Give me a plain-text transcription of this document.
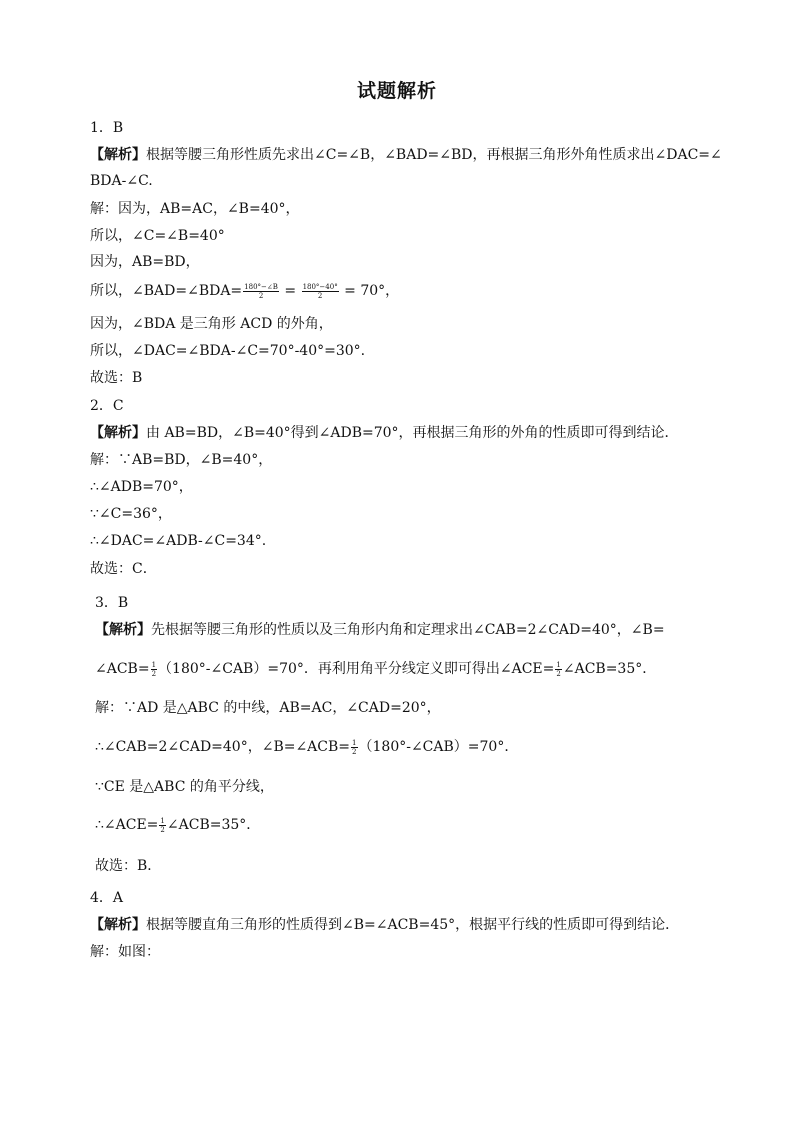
试题解析
1．B
【解析】根据等腰三角形性质先求出∠C=∠B，∠BAD=∠BD，再根据三角形外角性质求出∠DAC=∠
BDA-∠C.
解：因为，AB=AC，∠B=40°，
所以，∠C=∠B=40°
因为，AB=BD，
所以，∠BAD=∠BDA= $\frac{180^\circ-\angle B}{2} = \frac{180^\circ-40^\circ}{2} = 70^\circ$，
因为，∠BDA 是三角形 ACD 的外角，
所以，∠DAC=∠BDA-∠C=70°-40°=30°.
故选：B
2．C
【解析】由 AB=BD，∠B=40°得到∠ADB=70°，再根据三角形的外角的性质即可得到结论．
解：∵AB=BD，∠B=40°，
∴∠ADB=70°，
∵∠C=36°，
∴∠DAC=∠ADB-∠C=34°.
故选：C．
3．B
【解析】先根据等腰三角形的性质以及三角形内角和定理求出∠CAB=2∠CAD=40°，∠B=
∠ACB= $\frac{1}{2}$ （180°-∠CAB）=70°．再利用角平分线定义即可得出∠ACE= $\frac{1}{2}$ ∠ACB=35°．
解：∵AD 是△ABC 的中线，AB=AC，∠CAD=20°，
∴∠CAB=2∠CAD=40°，∠B=∠ACB= $\frac{1}{2}$ （180°-∠CAB）=70°．
∵CE 是△ABC 的角平分线，
∴∠ACE= $\frac{1}{2}$ ∠ACB=35°．
故选：B．
4．A
【解析】根据等腰直角三角形的性质得到∠B=∠ACB=45°，根据平行线的性质即可得到结论．
解：如图：
